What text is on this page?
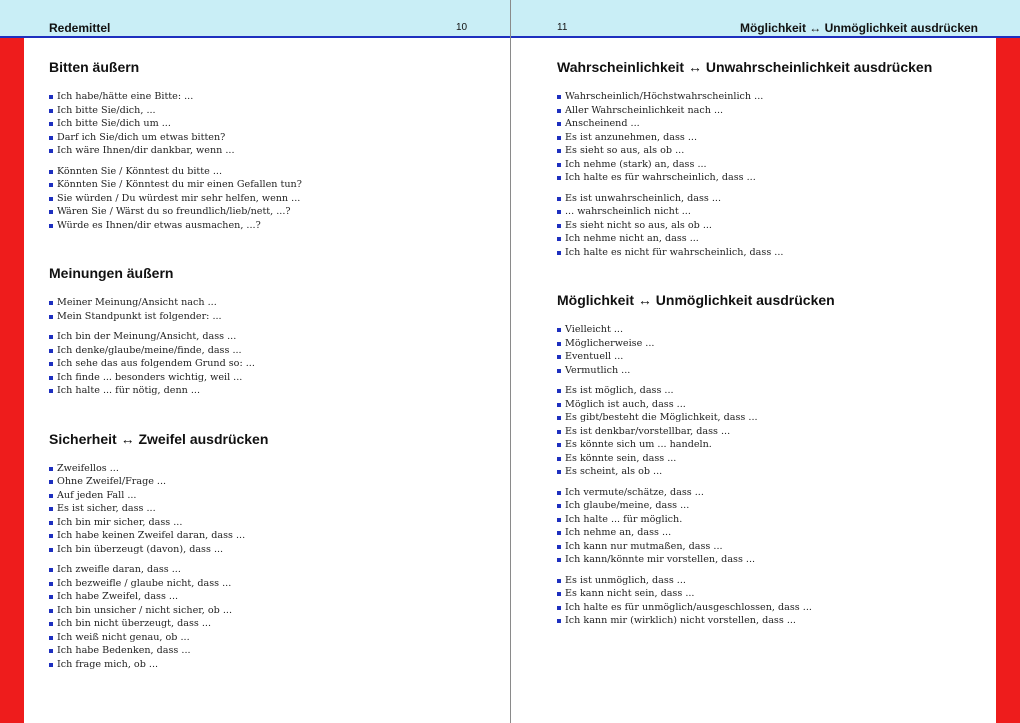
Redemittel	10
Bitten äußern
Ich habe/hätte eine Bitte: ...
Ich bitte Sie/dich, ...
Ich bitte Sie/dich um ...
Darf ich Sie/dich um etwas bitten?
Ich wäre Ihnen/dir dankbar, wenn ...
Könnten Sie / Könntest du bitte ...
Könnten Sie / Könntest du mir einen Gefallen tun?
Sie würden / Du würdest mir sehr helfen, wenn ...
Wären Sie / Wärst du so freundlich/lieb/nett, ...?
Würde es Ihnen/dir etwas ausmachen, ...?
Meinungen äußern
Meiner Meinung/Ansicht nach ...
Mein Standpunkt ist folgender: ...
Ich bin der Meinung/Ansicht, dass ...
Ich denke/glaube/meine/finde, dass ...
Ich sehe das aus folgendem Grund so: ...
Ich finde ... besonders wichtig, weil ...
Ich halte ... für nötig, denn ...
Sicherheit ↔ Zweifel ausdrücken
Zweifellos ...
Ohne Zweifel/Frage ...
Auf jeden Fall ...
Es ist sicher, dass ...
Ich bin mir sicher, dass ...
Ich habe keinen Zweifel daran, dass ...
Ich bin überzeugt (davon), dass ...
Ich zweifle daran, dass ...
Ich bezweifle / glaube nicht, dass ...
Ich habe Zweifel, dass ...
Ich bin unsicher / nicht sicher, ob ...
Ich bin nicht überzeugt, dass ...
Ich weiß nicht genau, ob ...
Ich habe Bedenken, dass ...
Ich frage mich, ob ...
11	Möglichkeit ↔ Unmöglichkeit ausdrücken
Wahrscheinlichkeit ↔ Unwahrscheinlichkeit ausdrücken
Wahrscheinlich/Höchstwahrscheinlich ...
Aller Wahrscheinlichkeit nach ...
Anscheinend ...
Es ist anzunehmen, dass ...
Es sieht so aus, als ob ...
Ich nehme (stark) an, dass ...
Ich halte es für wahrscheinlich, dass ...
Es ist unwahrscheinlich, dass ...
... wahrscheinlich nicht ...
Es sieht nicht so aus, als ob ...
Ich nehme nicht an, dass ...
Ich halte es nicht für wahrscheinlich, dass ...
Möglichkeit ↔ Unmöglichkeit ausdrücken
Vielleicht ...
Möglicherweise ...
Eventuell ...
Vermutlich ...
Es ist möglich, dass ...
Möglich ist auch, dass ...
Es gibt/besteht die Möglichkeit, dass ...
Es ist denkbar/vorstellbar, dass ...
Es könnte sich um ... handeln.
Es könnte sein, dass ...
Es scheint, als ob ...
Ich vermute/schätze, dass ...
Ich glaube/meine, dass ...
Ich halte ... für möglich.
Ich nehme an, dass ...
Ich kann nur mutmaßen, dass ...
Ich kann/könnte mir vorstellen, dass ...
Es ist unmöglich, dass ...
Es kann nicht sein, dass ...
Ich halte es für unmöglich/ausgeschlossen, dass ...
Ich kann mir (wirklich) nicht vorstellen, dass ...
